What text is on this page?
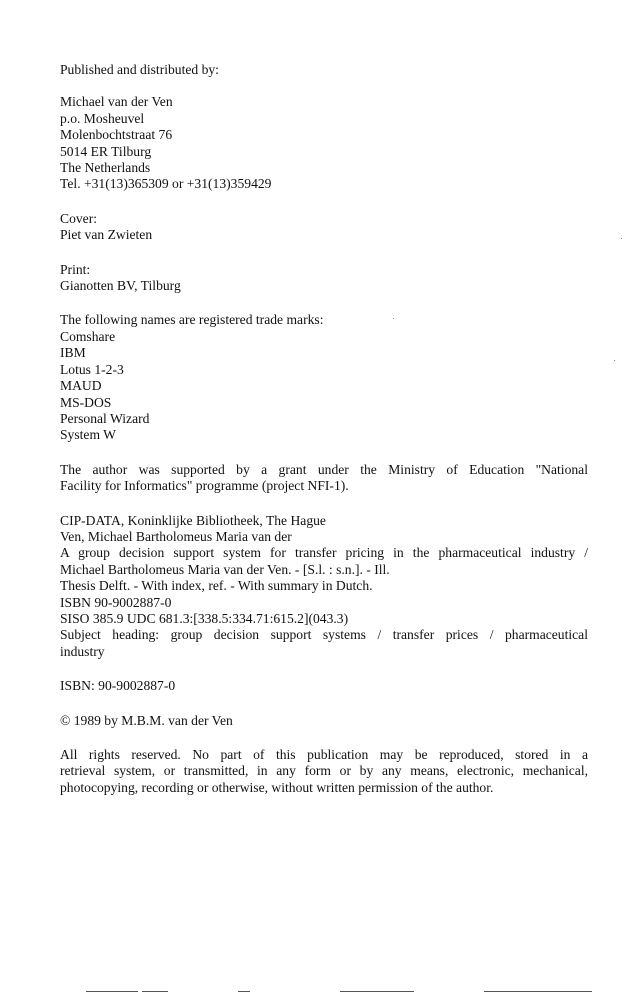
Published and distributed by:
Michael van der Ven
p.o. Mosheuvel
Molenbochtstraat 76
5014 ER Tilburg
The Netherlands
Tel. +31(13)365309 or +31(13)359429
Cover:
Piet van Zwieten
Print:
Gianotten BV, Tilburg
The following names are registered trade marks:
Comshare
IBM
Lotus 1-2-3
MAUD
MS-DOS
Personal Wizard
System W
The author was supported by a grant under the Ministry of Education "National
Facility for Informatics" programme (project NFI-1).
CIP-DATA, Koninklijke Bibliotheek, The Hague
Ven, Michael Bartholomeus Maria van der
A group decision support system for transfer pricing in the pharmaceutical industry /
Michael Bartholomeus Maria van der Ven. - [S.l. : s.n.]. - Ill.
Thesis Delft. - With index, ref. - With summary in Dutch.
ISBN 90-9002887-0
SISO 385.9 UDC 681.3:[338.5:334.71:615.2](043.3)
Subject heading: group decision support systems / transfer prices / pharmaceutical
industry
ISBN: 90-9002887-0
© 1989 by M.B.M. van der Ven
All rights reserved. No part of this publication may be reproduced, stored in a
retrieval system, or transmitted, in any form or by any means, electronic, mechanical,
photocopying, recording or otherwise, without written permission of the author.
